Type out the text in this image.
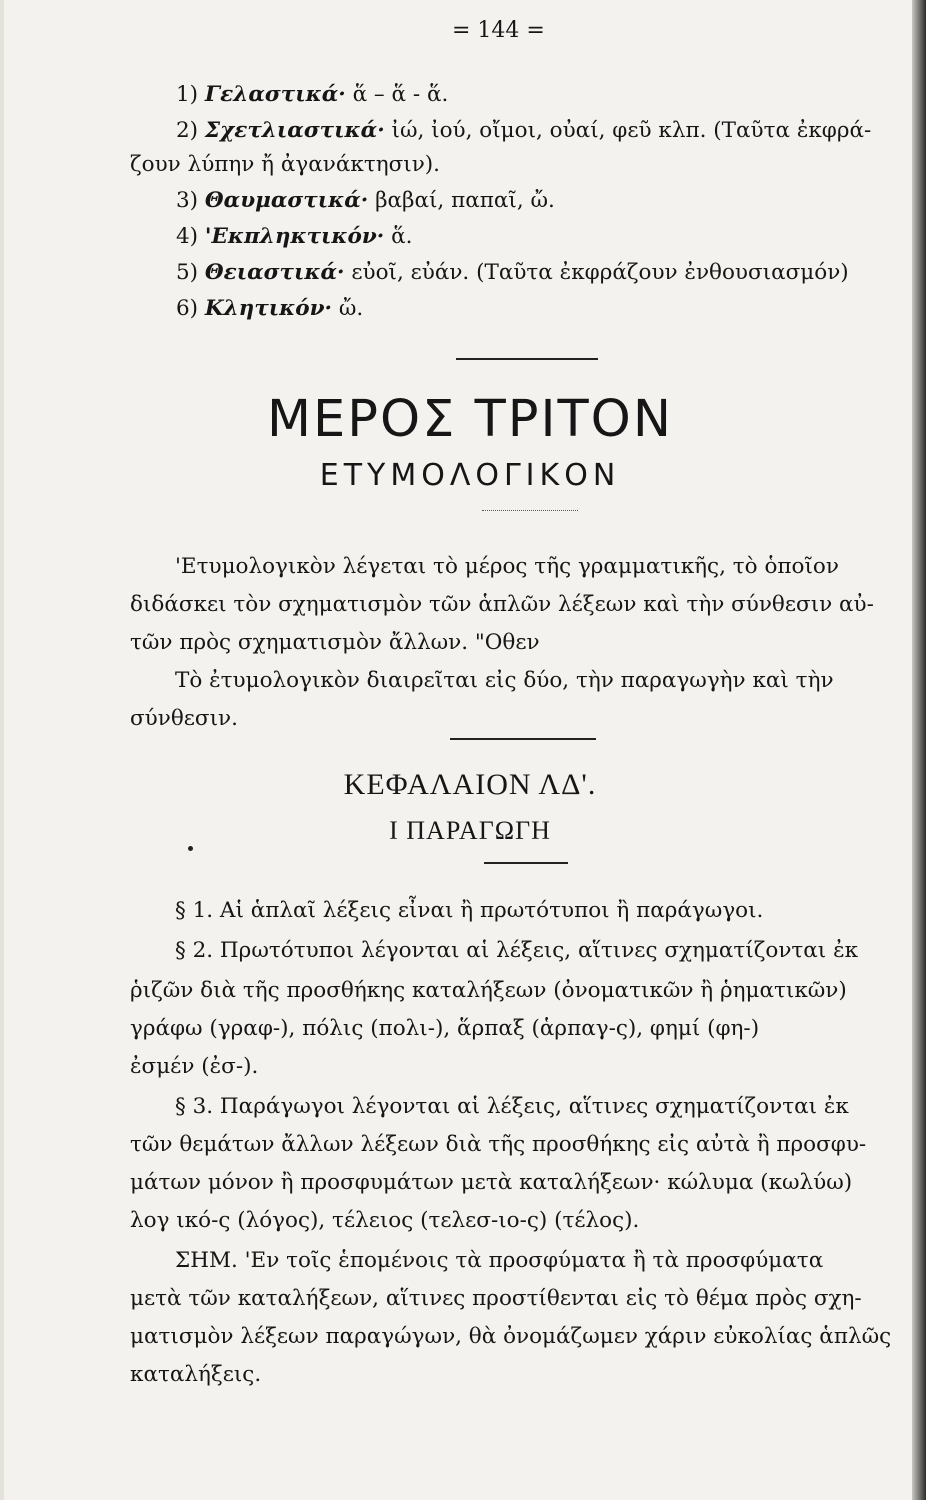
= 144 =
1) Γελαστικά· ἅ – ἅ - ἅ.
2) Σχετλιαστικά· ἰώ, ἰού, οἴμοι, οὐαί, φεῦ κλπ. (Ταῦτα ἐκφρά-
ζουν λύπην ἤ ἀγανάκτησιν).
3) Θαυμαστικά· βαβαί, παπαῖ, ὤ.
4) 'Εκπληκτικόν· ἅ.
5) Θειαστικά· εὐοῖ, εὐάν. (Ταῦτα ἐκφράζουν ἐνθουσιασμόν)
6) Κλητικόν· ὤ.
ΜΕΡΟΣ ΤΡΙΤΟΝ
ΕΤΥΜΟΛΟΓΙΚΟΝ
'Ετυμολογικὸν λέγεται τὸ μέρος τῆς γραμματικῆς, τὸ ὁποῖον
διδάσκει τὸν σχηματισμὸν τῶν ἁπλῶν λέξεων καὶ τὴν σύνθεσιν αὐ-
τῶν πρὸς σχηματισμὸν ἄλλων. "Οθεν
Τὸ ἐτυμολογικὸν διαιρεῖται εἰς δύο, τὴν παραγωγὴν καὶ τὴν
σύνθεσιν.
ΚΕΦΑΛΑΙΟΝ ΛΔ'.
Ι ΠΑΡΑΓΩΓΗ
§ 1. Αἱ ἁπλαῖ λέξεις εἶναι ἢ πρωτότυποι ἢ παράγωγοι.
§ 2. Πρωτότυποι λέγονται αἱ λέξεις, αἵτινες σχηματίζονται ἐκ
ῥιζῶν διὰ τῆς προσθήκης καταλήξεων (ὀνοματικῶν ἢ ῥηματικῶν)
γράφω (γραφ-), πόλις (πολι-), ἅρπαξ (ἁρπαγ-ς), φημί (φη-)
ἐσμέν (ἐσ-).
§ 3. Παράγωγοι λέγονται αἱ λέξεις, αἵτινες σχηματίζονται ἐκ
τῶν θεμάτων ἄλλων λέξεων διὰ τῆς προσθήκης εἰς αὐτὰ ἢ προσφυ-
μάτων μόνον ἢ προσφυμάτων μετὰ καταλήξεων· κώλυμα (κωλύω)
λογ ικό-ς (λόγος), τέλειος (τελεσ-ιο-ς) (τέλος).
ΣΗΜ. 'Εν τοῖς ἑπομένοις τὰ προσφύματα ἢ τὰ προσφύματα
μετὰ τῶν καταλήξεων, αἵτινες προστίθενται εἰς τὸ θέμα πρὸς σχη-
ματισμὸν λέξεων παραγώγων, θὰ ὀνομάζωμεν χάριν εὐκολίας ἁπλῶς
καταλήξεις.
